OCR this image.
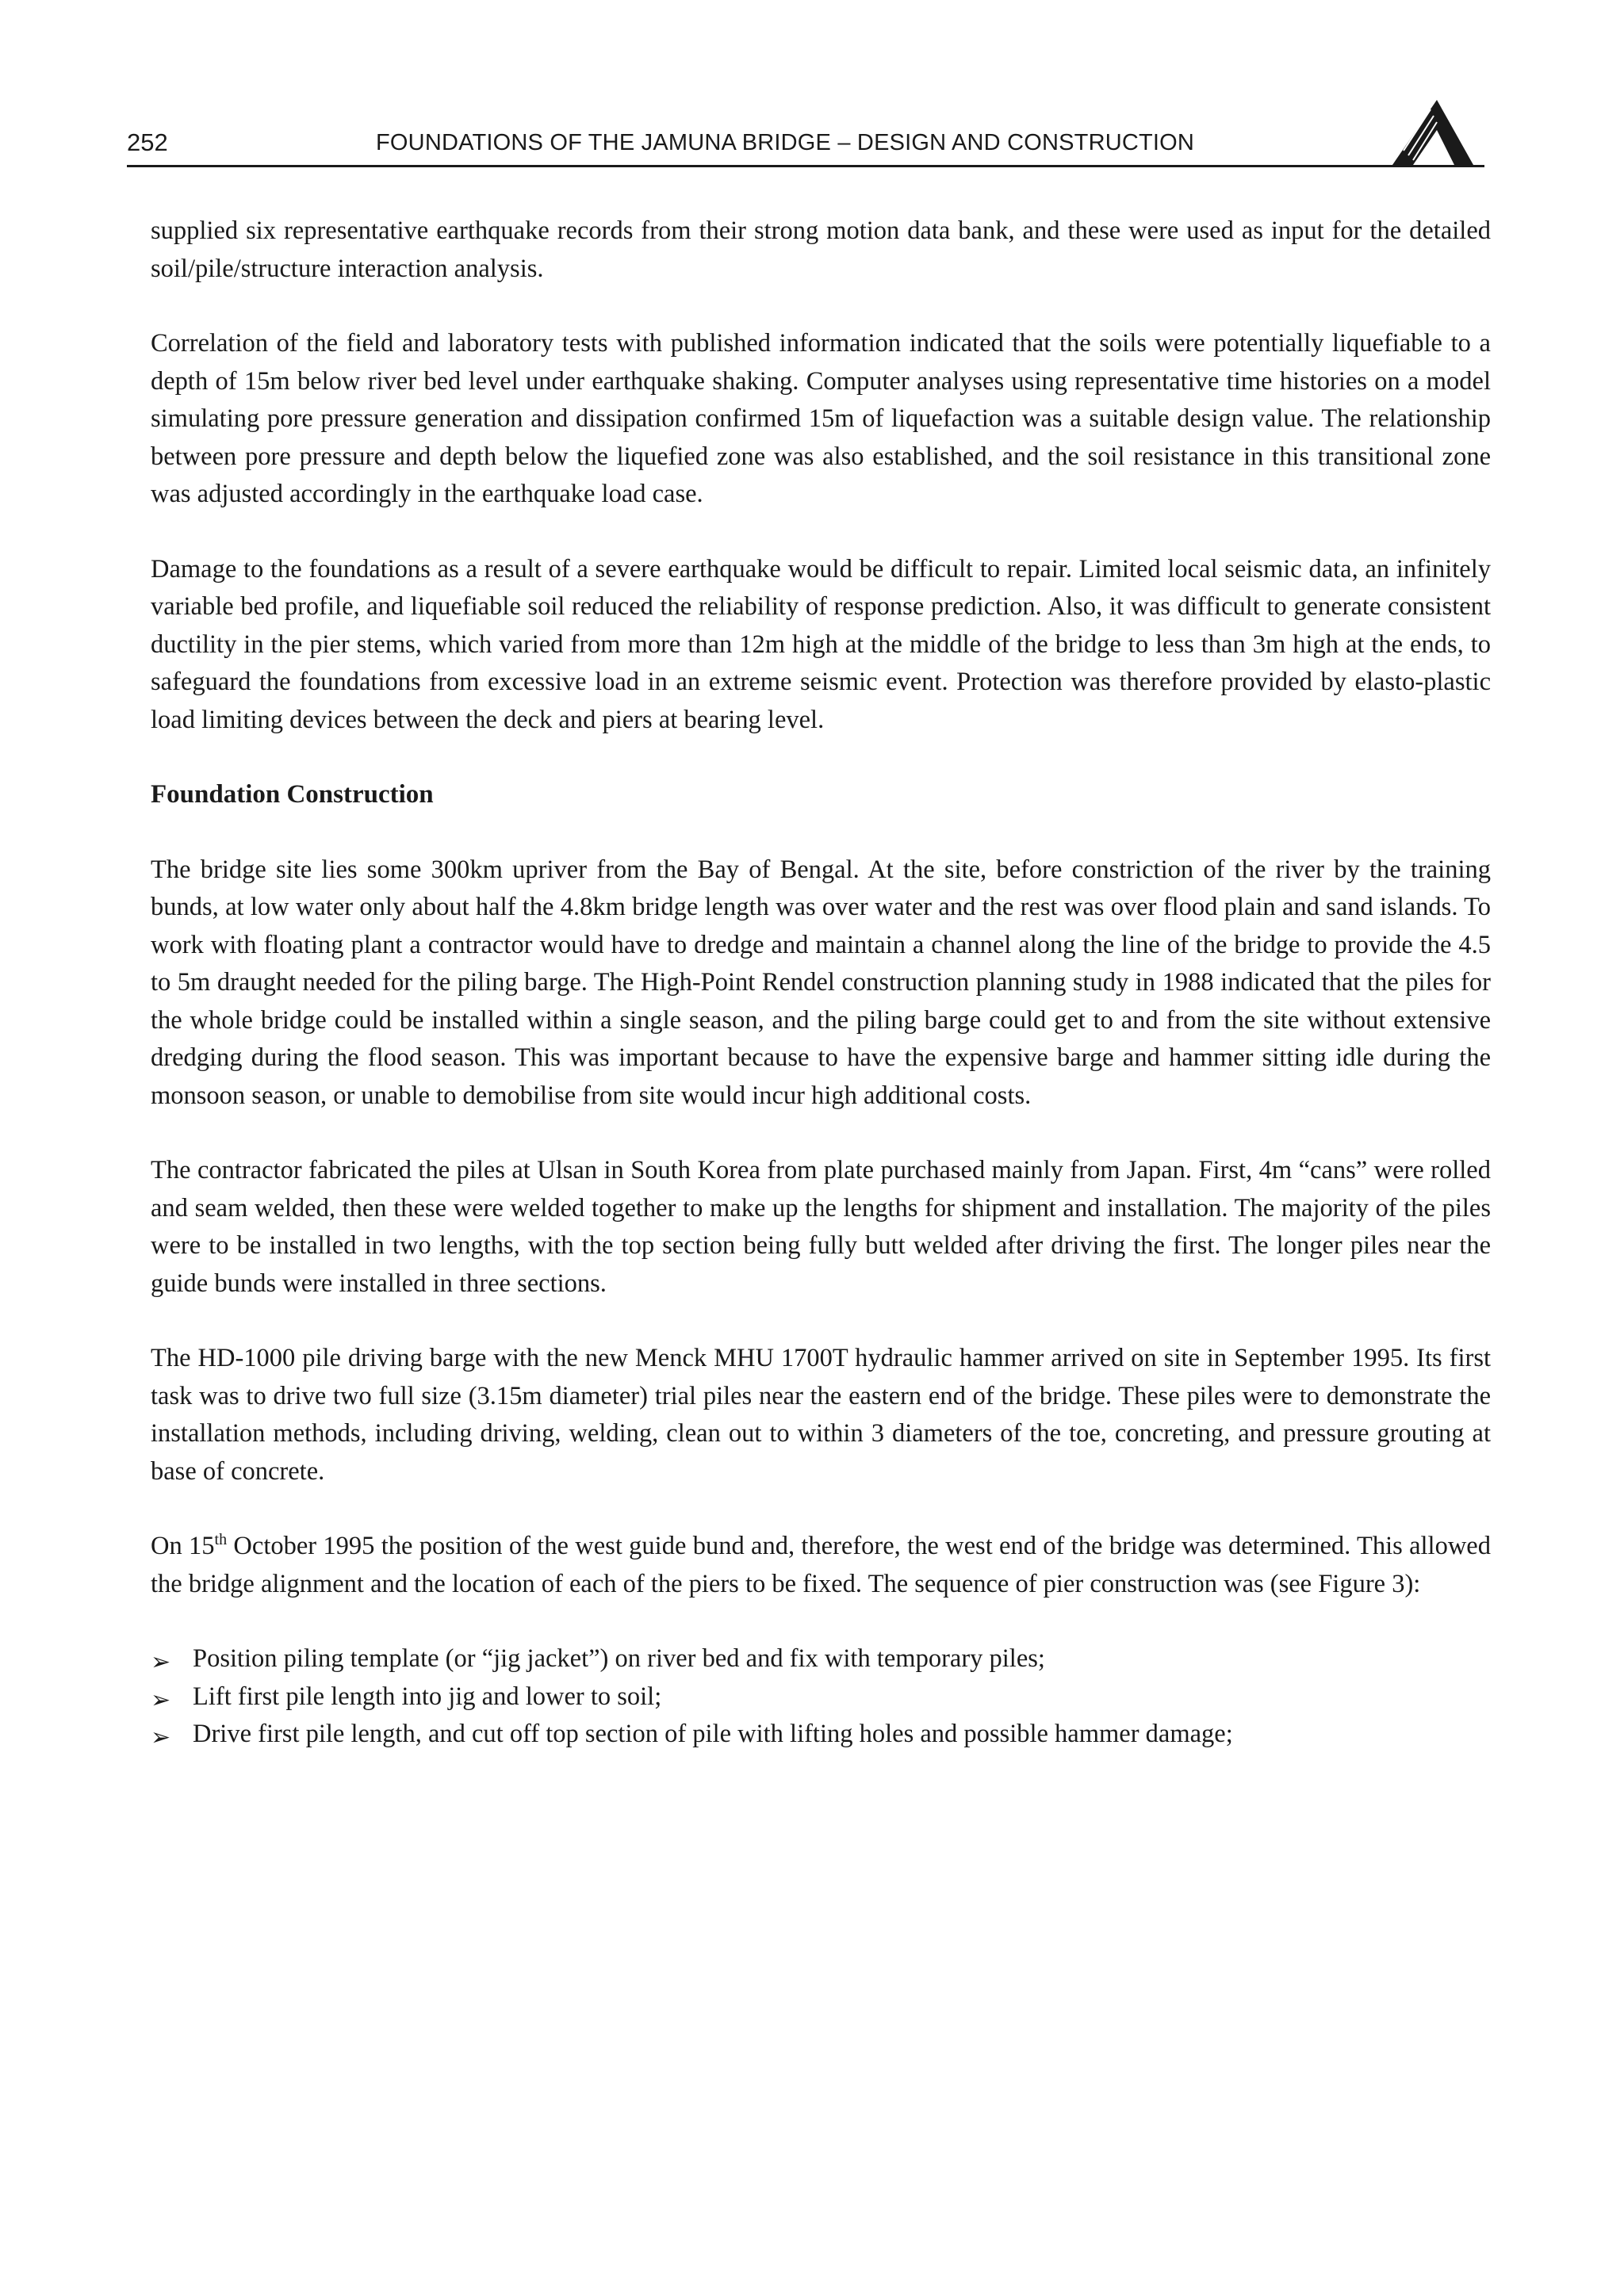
252	FOUNDATIONS OF THE JAMUNA BRIDGE – DESIGN AND CONSTRUCTION

supplied six representative earthquake records from their strong motion data bank, and these were used as input for the detailed soil/pile/structure interaction analysis.

Correlation of the field and laboratory tests with published information indicated that the soils were potentially liquefiable to a depth of 15m below river bed level under earthquake shaking. Computer analyses using representative time histories on a model simulating pore pressure generation and dissipation confirmed 15m of liquefaction was a suitable design value. The relationship between pore pressure and depth below the liquefied zone was also established, and the soil resistance in this transitional zone was adjusted accordingly in the earthquake load case.

Damage to the foundations as a result of a severe earthquake would be difficult to repair. Limited local seismic data, an infinitely variable bed profile, and liquefiable soil reduced the reliability of response prediction. Also, it was difficult to generate consistent ductility in the pier stems, which varied from more than 12m high at the middle of the bridge to less than 3m high at the ends, to safeguard the foundations from excessive load in an extreme seismic event. Protection was therefore provided by elasto-plastic load limiting devices between the deck and piers at bearing level.

Foundation Construction

The bridge site lies some 300km upriver from the Bay of Bengal. At the site, before constriction of the river by the training bunds, at low water only about half the 4.8km bridge length was over water and the rest was over flood plain and sand islands. To work with floating plant a contractor would have to dredge and maintain a channel along the line of the bridge to provide the 4.5 to 5m draught needed for the piling barge. The High-Point Rendel construction planning study in 1988 indicated that the piles for the whole bridge could be installed within a single season, and the piling barge could get to and from the site without extensive dredging during the flood season. This was important because to have the expensive barge and hammer sitting idle during the monsoon season, or unable to demobilise from site would incur high additional costs.

The contractor fabricated the piles at Ulsan in South Korea from plate purchased mainly from Japan. First, 4m “cans” were rolled and seam welded, then these were welded together to make up the lengths for shipment and installation. The majority of the piles were to be installed in two lengths, with the top section being fully butt welded after driving the first. The longer piles near the guide bunds were installed in three sections.

The HD-1000 pile driving barge with the new Menck MHU 1700T hydraulic hammer arrived on site in September 1995. Its first task was to drive two full size (3.15m diameter) trial piles near the eastern end of the bridge. These piles were to demonstrate the installation methods, including driving, welding, clean out to within 3 diameters of the toe, concreting, and pressure grouting at base of concrete.

On 15th October 1995 the position of the west guide bund and, therefore, the west end of the bridge was determined. This allowed the bridge alignment and the location of each of the piers to be fixed. The sequence of pier construction was (see Figure 3):

➢ Position piling template (or “jig jacket”) on river bed and fix with temporary piles;
➢ Lift first pile length into jig and lower to soil;
➢ Drive first pile length, and cut off top section of pile with lifting holes and possible hammer damage;
